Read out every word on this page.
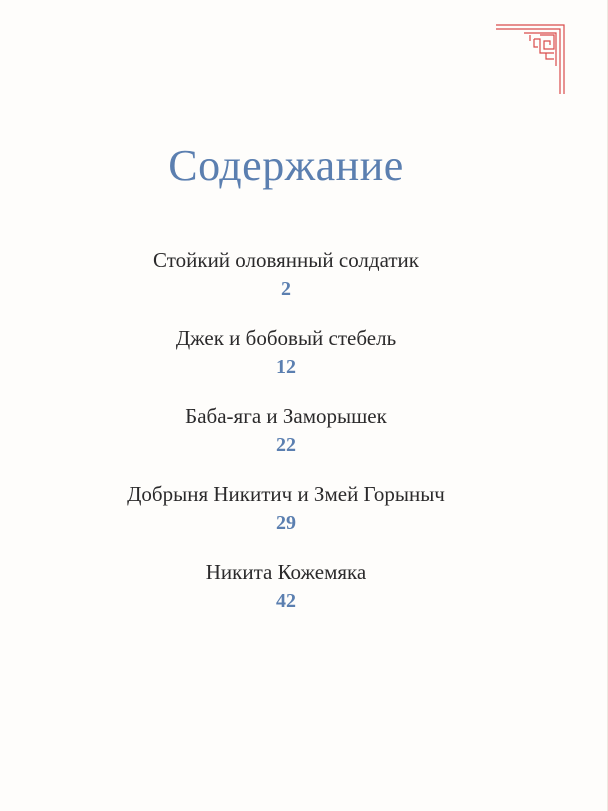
Содержание
Стойкий оловянный солдатик
2
Джек и бобовый стебель
12
Баба-яга и Заморышек
22
Добрыня Никитич и Змей Горыныч
29
Никита Кожемяка
42
